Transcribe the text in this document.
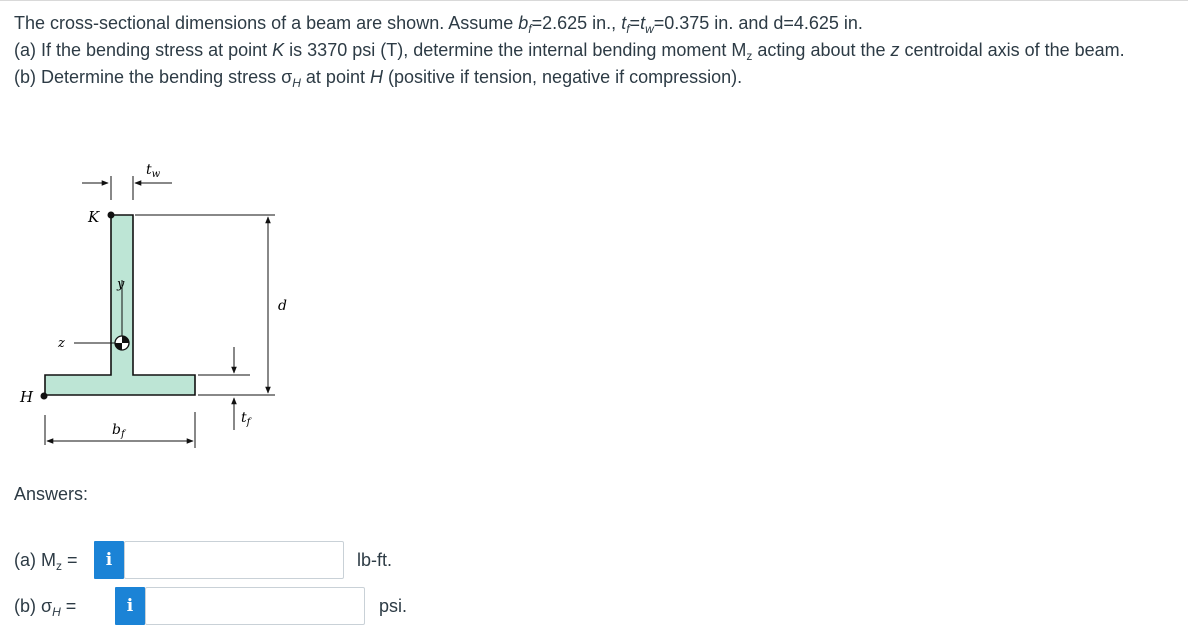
The cross-sectional dimensions of a beam are shown. Assume $b_f=2.625$ in., $t_f=t_w=0.375$ in. and d=4.625 in.

(a) If the bending stress at point K is 3370 psi (T), determine the internal bending moment $M_z$ acting about the z centroidal axis of the beam.

(b) Determine the bending stress $\sigma_H$ at point H (positive if tension, negative if compression).

$t_w$
K
y
z
d
$t_f$
H
$b_f$
Answers:
(a) $M_z$ =	i	lb-ft.
(b) $\sigma_H$ =	i	psi.
